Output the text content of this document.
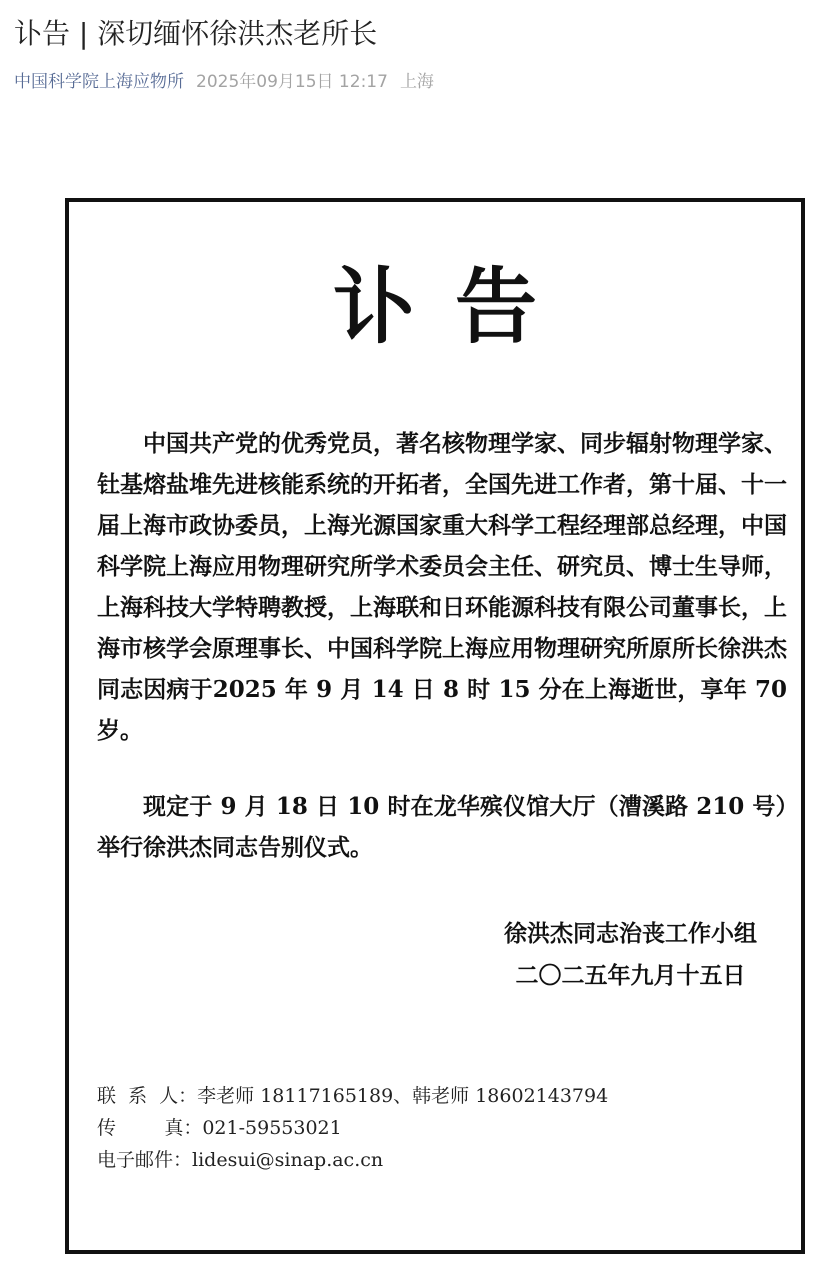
讣告 | 深切缅怀徐洪杰老所长
中国科学院上海应物所 2025年09月15日 12:17 上海
讣告
中国共产党的优秀党员，著名核物理学家、同步辐射物理学家、钍基熔盐堆先进核能系统的开拓者，全国先进工作者，第十届、十一届上海市政协委员，上海光源国家重大科学工程经理部总经理，中国科学院上海应用物理研究所学术委员会主任、研究员、博士生导师，上海科技大学特聘教授，上海联和日环能源科技有限公司董事长，上海市核学会原理事长、中国科学院上海应用物理研究所原所长徐洪杰同志因病于2025 年 9 月 14 日 8 时 15 分在上海逝世，享年 70 岁。
现定于 9 月 18 日 10 时在龙华殡仪馆大厅（漕溪路 210 号）举行徐洪杰同志告别仪式。
徐洪杰同志治丧工作小组
二〇二五年九月十五日
联  系  人：李老师 18117165189、韩老师 18602143794
传        真：021-59553021
电子邮件：lidesui@sinap.ac.cn
